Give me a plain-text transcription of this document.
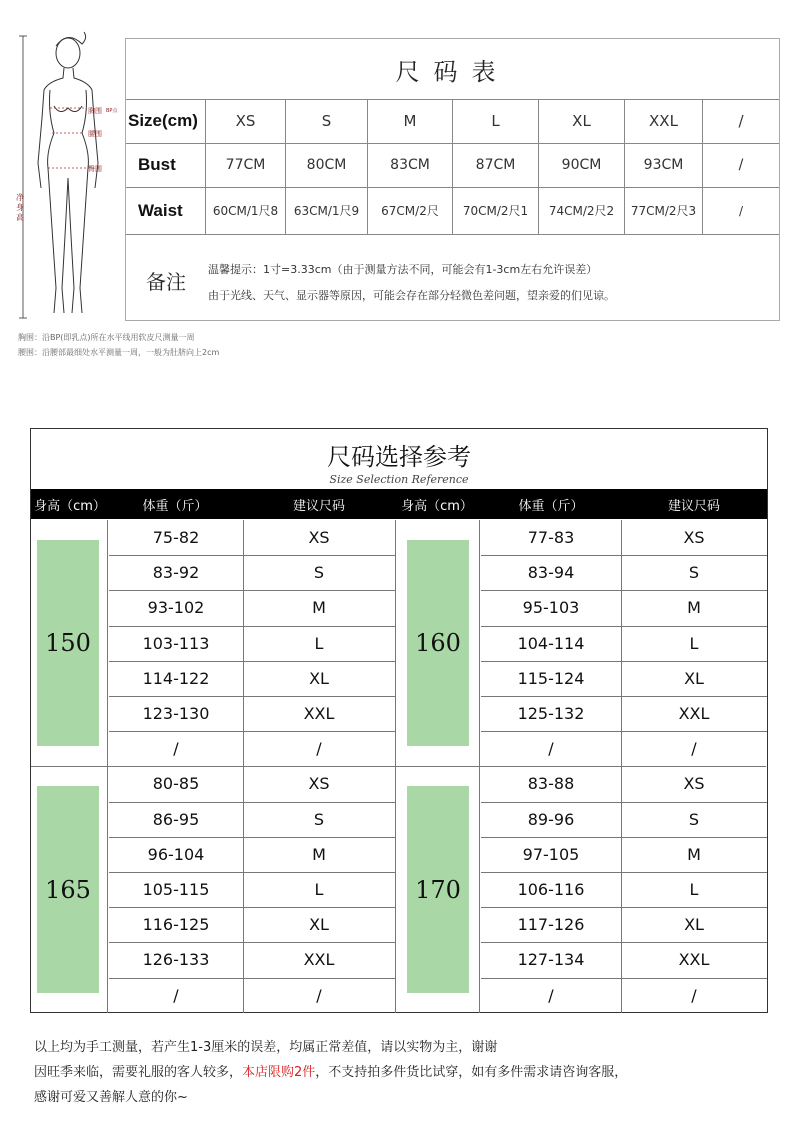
胸围 BP点
腰围
臀围
净身高
尺码表
Size(cm)	XS	S	M	L	XL	XXL	/
Bust	77CM	80CM	83CM	87CM	90CM	93CM	/
Waist	60CM/1尺8	63CM/1尺9	67CM/2尺	70CM/2尺1	74CM/2尺2	77CM/2尺3	/
备注	温馨提示：1寸=3.33cm（由于测量方法不同，可能会有1-3cm左右允许误差）
由于光线、天气、显示器等原因，可能会存在部分轻微色差问题，望亲爱的们见谅。
胸围：沿BP(即乳点)所在水平线用软皮尺测量一周
腰围：沿腰部最细处水平测量一周，一般为肚脐向上2cm
尺码选择参考
Size Selection Reference
身高（cm）	体重（斤）	建议尺码	身高（cm）	体重（斤）	建议尺码
150
75-82	XS
83-92	S
93-102	M
103-113	L
114-122	XL
123-130	XXL
/	/
160
77-83	XS
83-94	S
95-103	M
104-114	L
115-124	XL
125-132	XXL
/	/
165
80-85	XS
86-95	S
96-104	M
105-115	L
116-125	XL
126-133	XXL
/	/
170
83-88	XS
89-96	S
97-105	M
106-116	L
117-126	XL
127-134	XXL
/	/
以上均为手工测量，若产生1-3厘米的误差，均属正常差值，请以实物为主，谢谢
因旺季来临，需要礼服的客人较多，本店限购2件，不支持拍多件货比试穿，如有多件需求请咨询客服，
感谢可爱又善解人意的你~
